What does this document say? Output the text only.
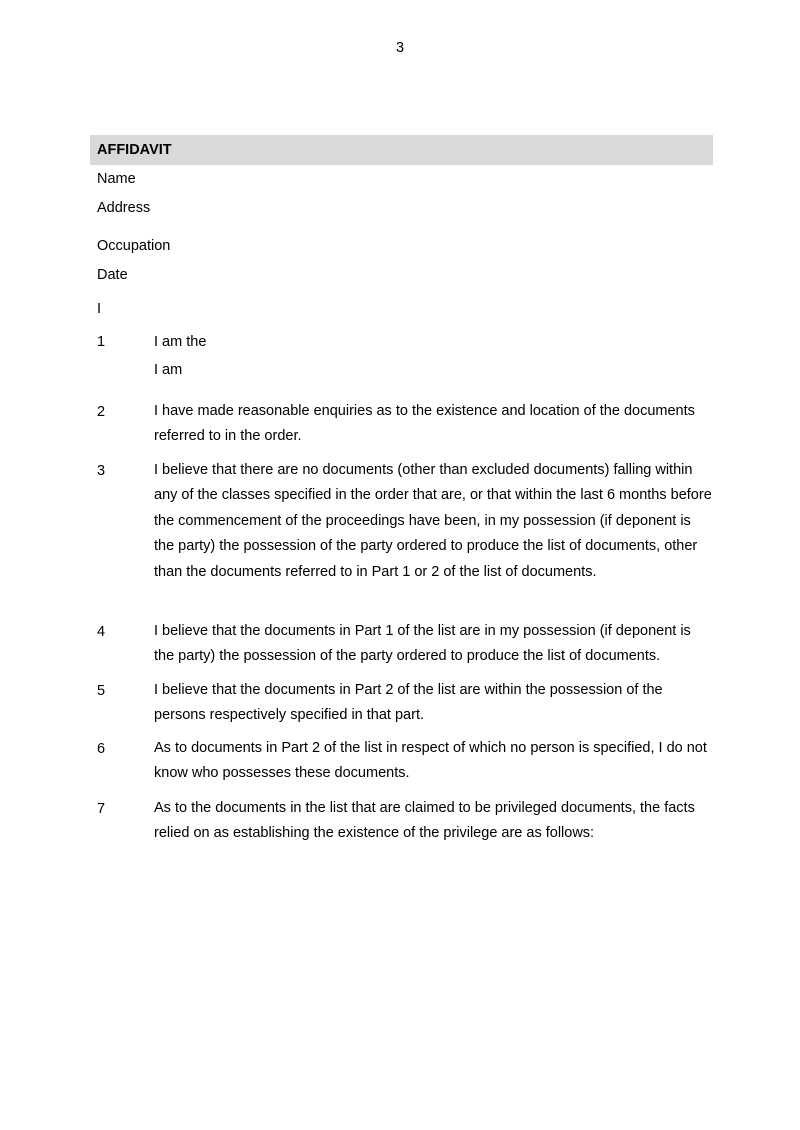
3
AFFIDAVIT
Name
Address
Occupation
Date
I
1	I am the
I am
2	I have made reasonable enquiries as to the existence and location of the documents referred to in the order.
3	I believe that there are no documents (other than excluded documents) falling within any of the classes specified in the order that are, or that within the last 6 months before the commencement of the proceedings have been, in my possession (if deponent is the party) the possession of the party ordered to produce the list of documents, other than the documents referred to in Part 1 or 2 of the list of documents.
4	I believe that the documents in Part 1 of the list are in my possession (if deponent is the party) the possession of the party ordered to produce the list of documents.
5	I believe that the documents in Part 2 of the list are within the possession of the persons respectively specified in that part.
6	As to documents in Part 2 of the list in respect of which no person is specified, I do not know who possesses these documents.
7	As to the documents in the list that are claimed to be privileged documents, the facts relied on as establishing the existence of the privilege are as follows:
